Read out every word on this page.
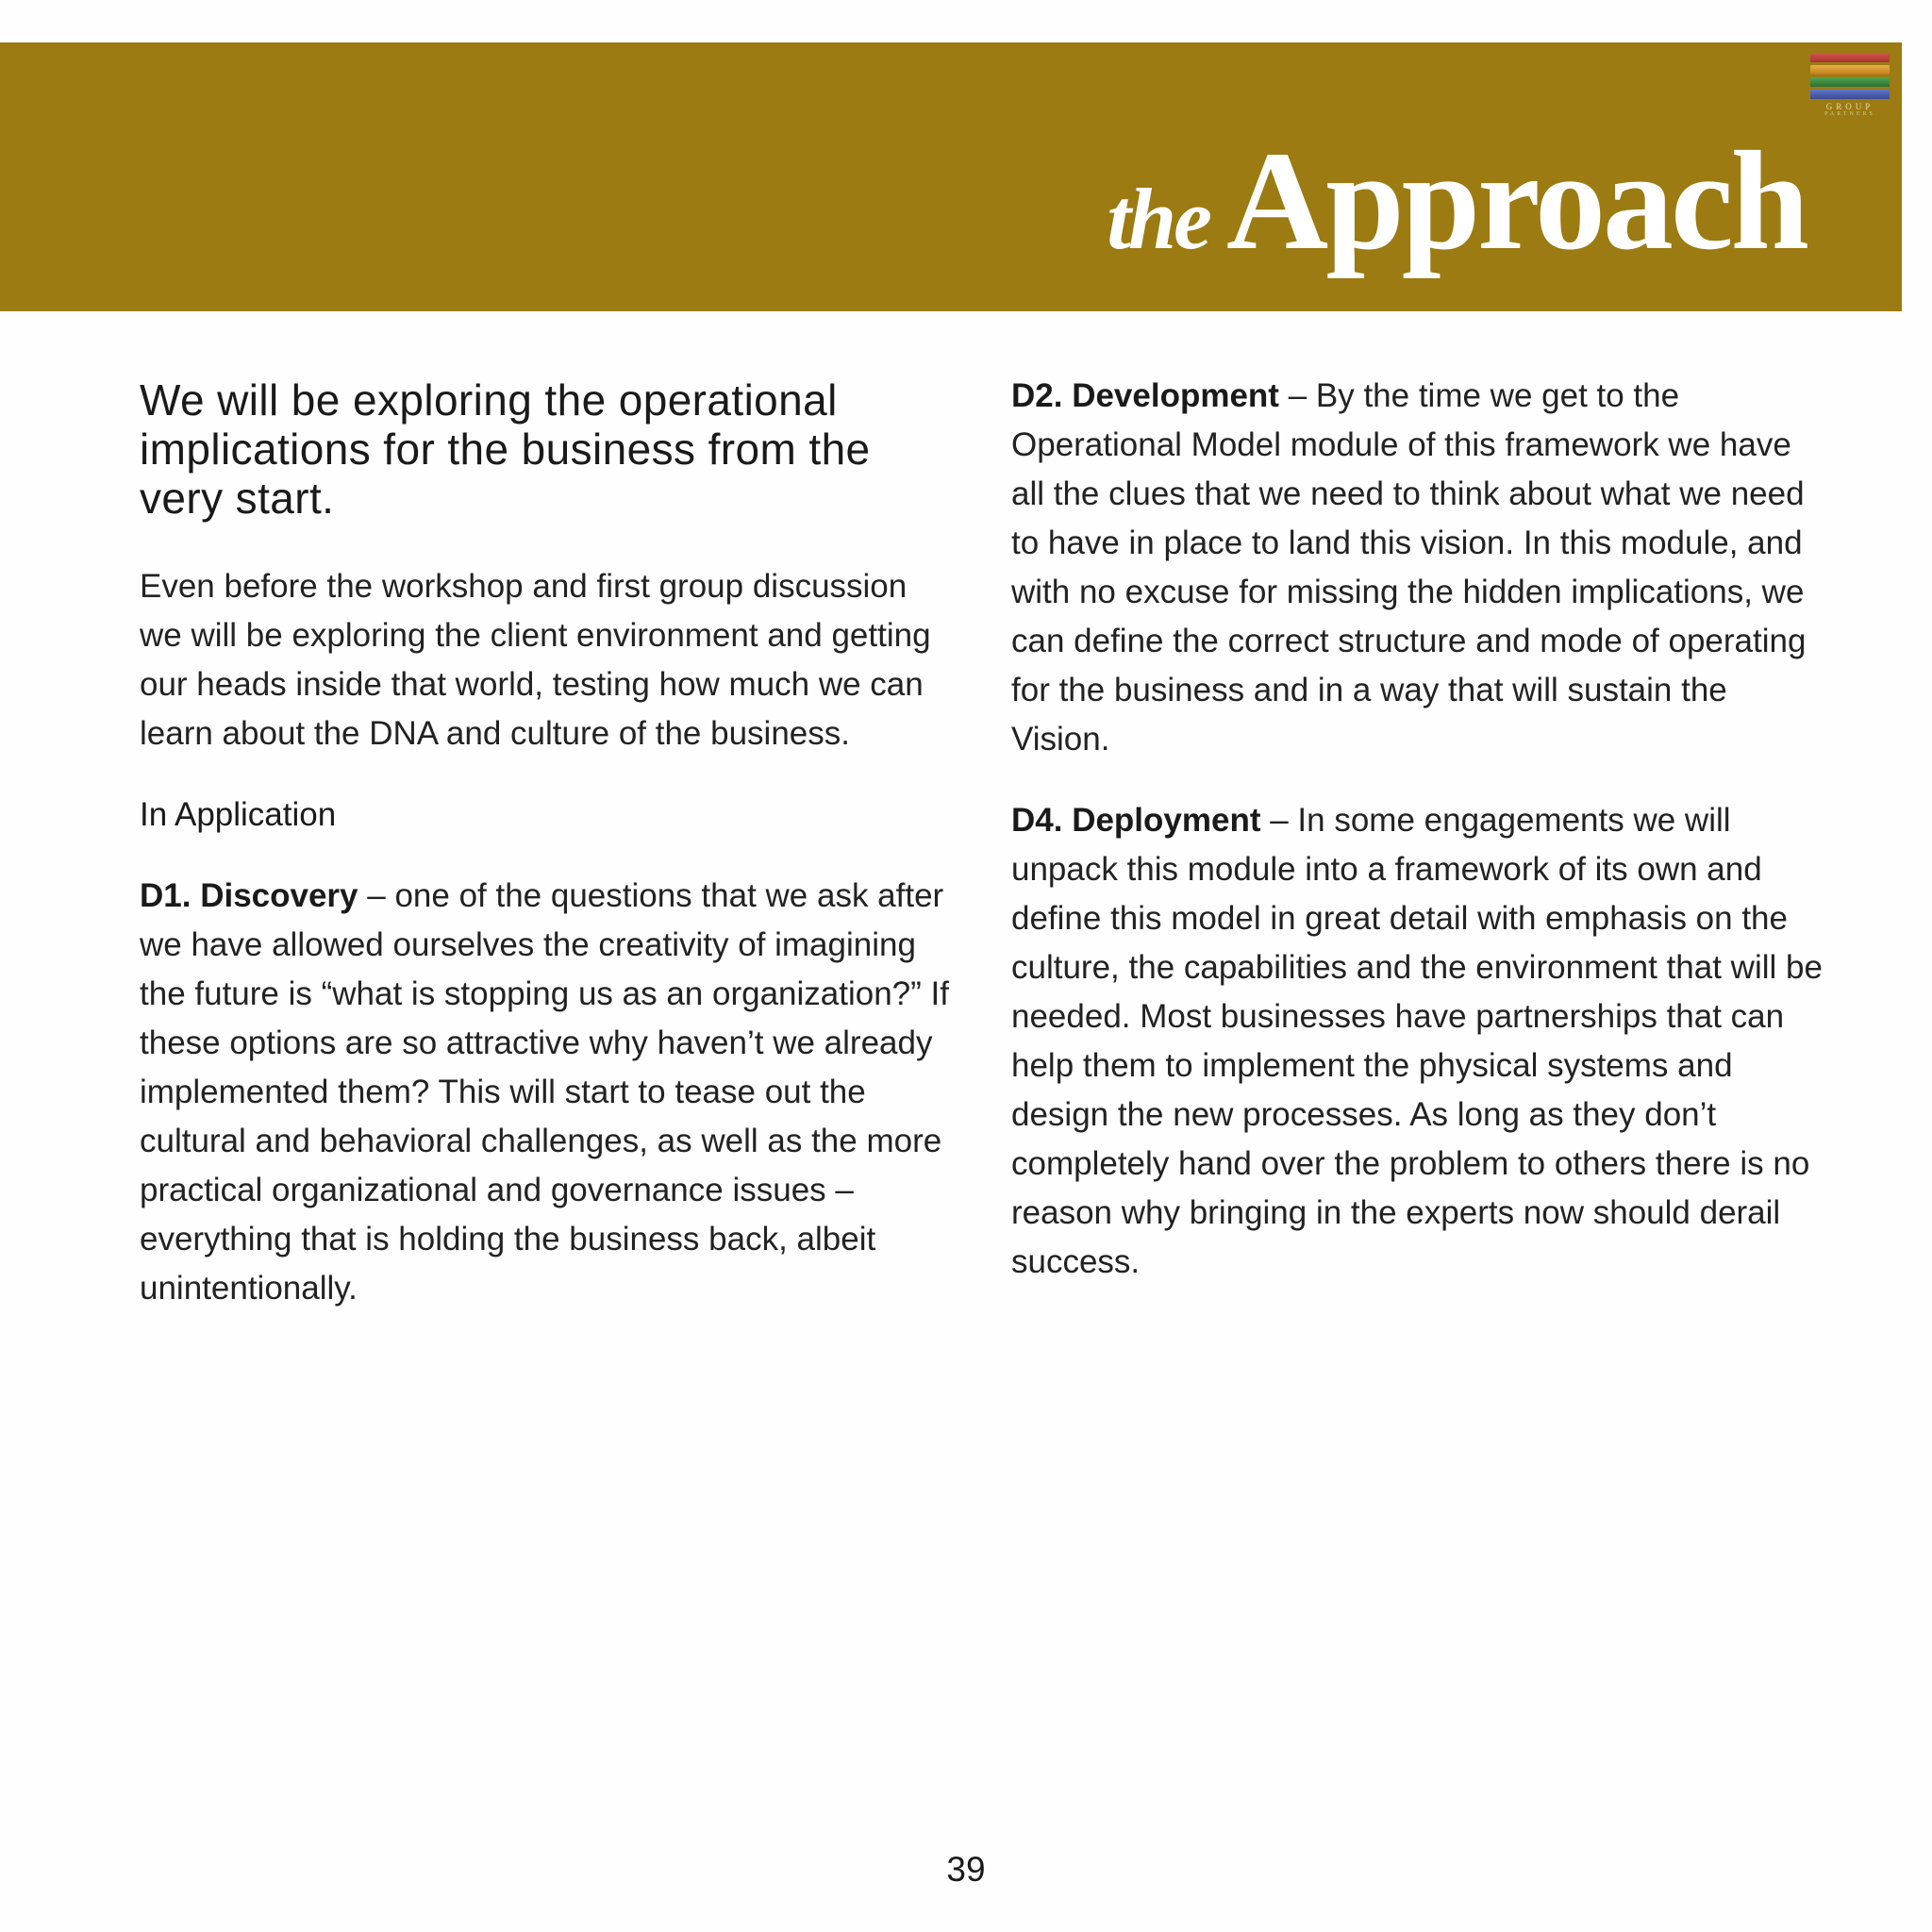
GROUP
PARTNERS
the Approach
We will be exploring the operational implications for the business from the very start.

Even before the workshop and first group discussion we will be exploring the client environment and getting our heads inside that world, testing how much we can learn about the DNA and culture of the business.

In Application

D1. Discovery – one of the questions that we ask after we have allowed ourselves the creativity of imagining the future is “what is stopping us as an organization?” If these options are so attractive why haven’t we already implemented them? This will start to tease out the cultural and behavioral challenges, as well as the more practical organizational and governance issues – everything that is holding the business back, albeit unintentionally.

D2. Development – By the time we get to the Operational Model module of this framework we have all the clues that we need to think about what we need to have in place to land this vision. In this module, and with no excuse for missing the hidden implications, we can define the correct structure and mode of operating for the business and in a way that will sustain the Vision.

D4. Deployment – In some engagements we will unpack this module into a framework of its own and define this model in great detail with emphasis on the culture, the capabilities and the environment that will be needed. Most businesses have partnerships that can help them to implement the physical systems and design the new processes. As long as they don’t completely hand over the problem to others there is no reason why bringing in the experts now should derail success.

39
